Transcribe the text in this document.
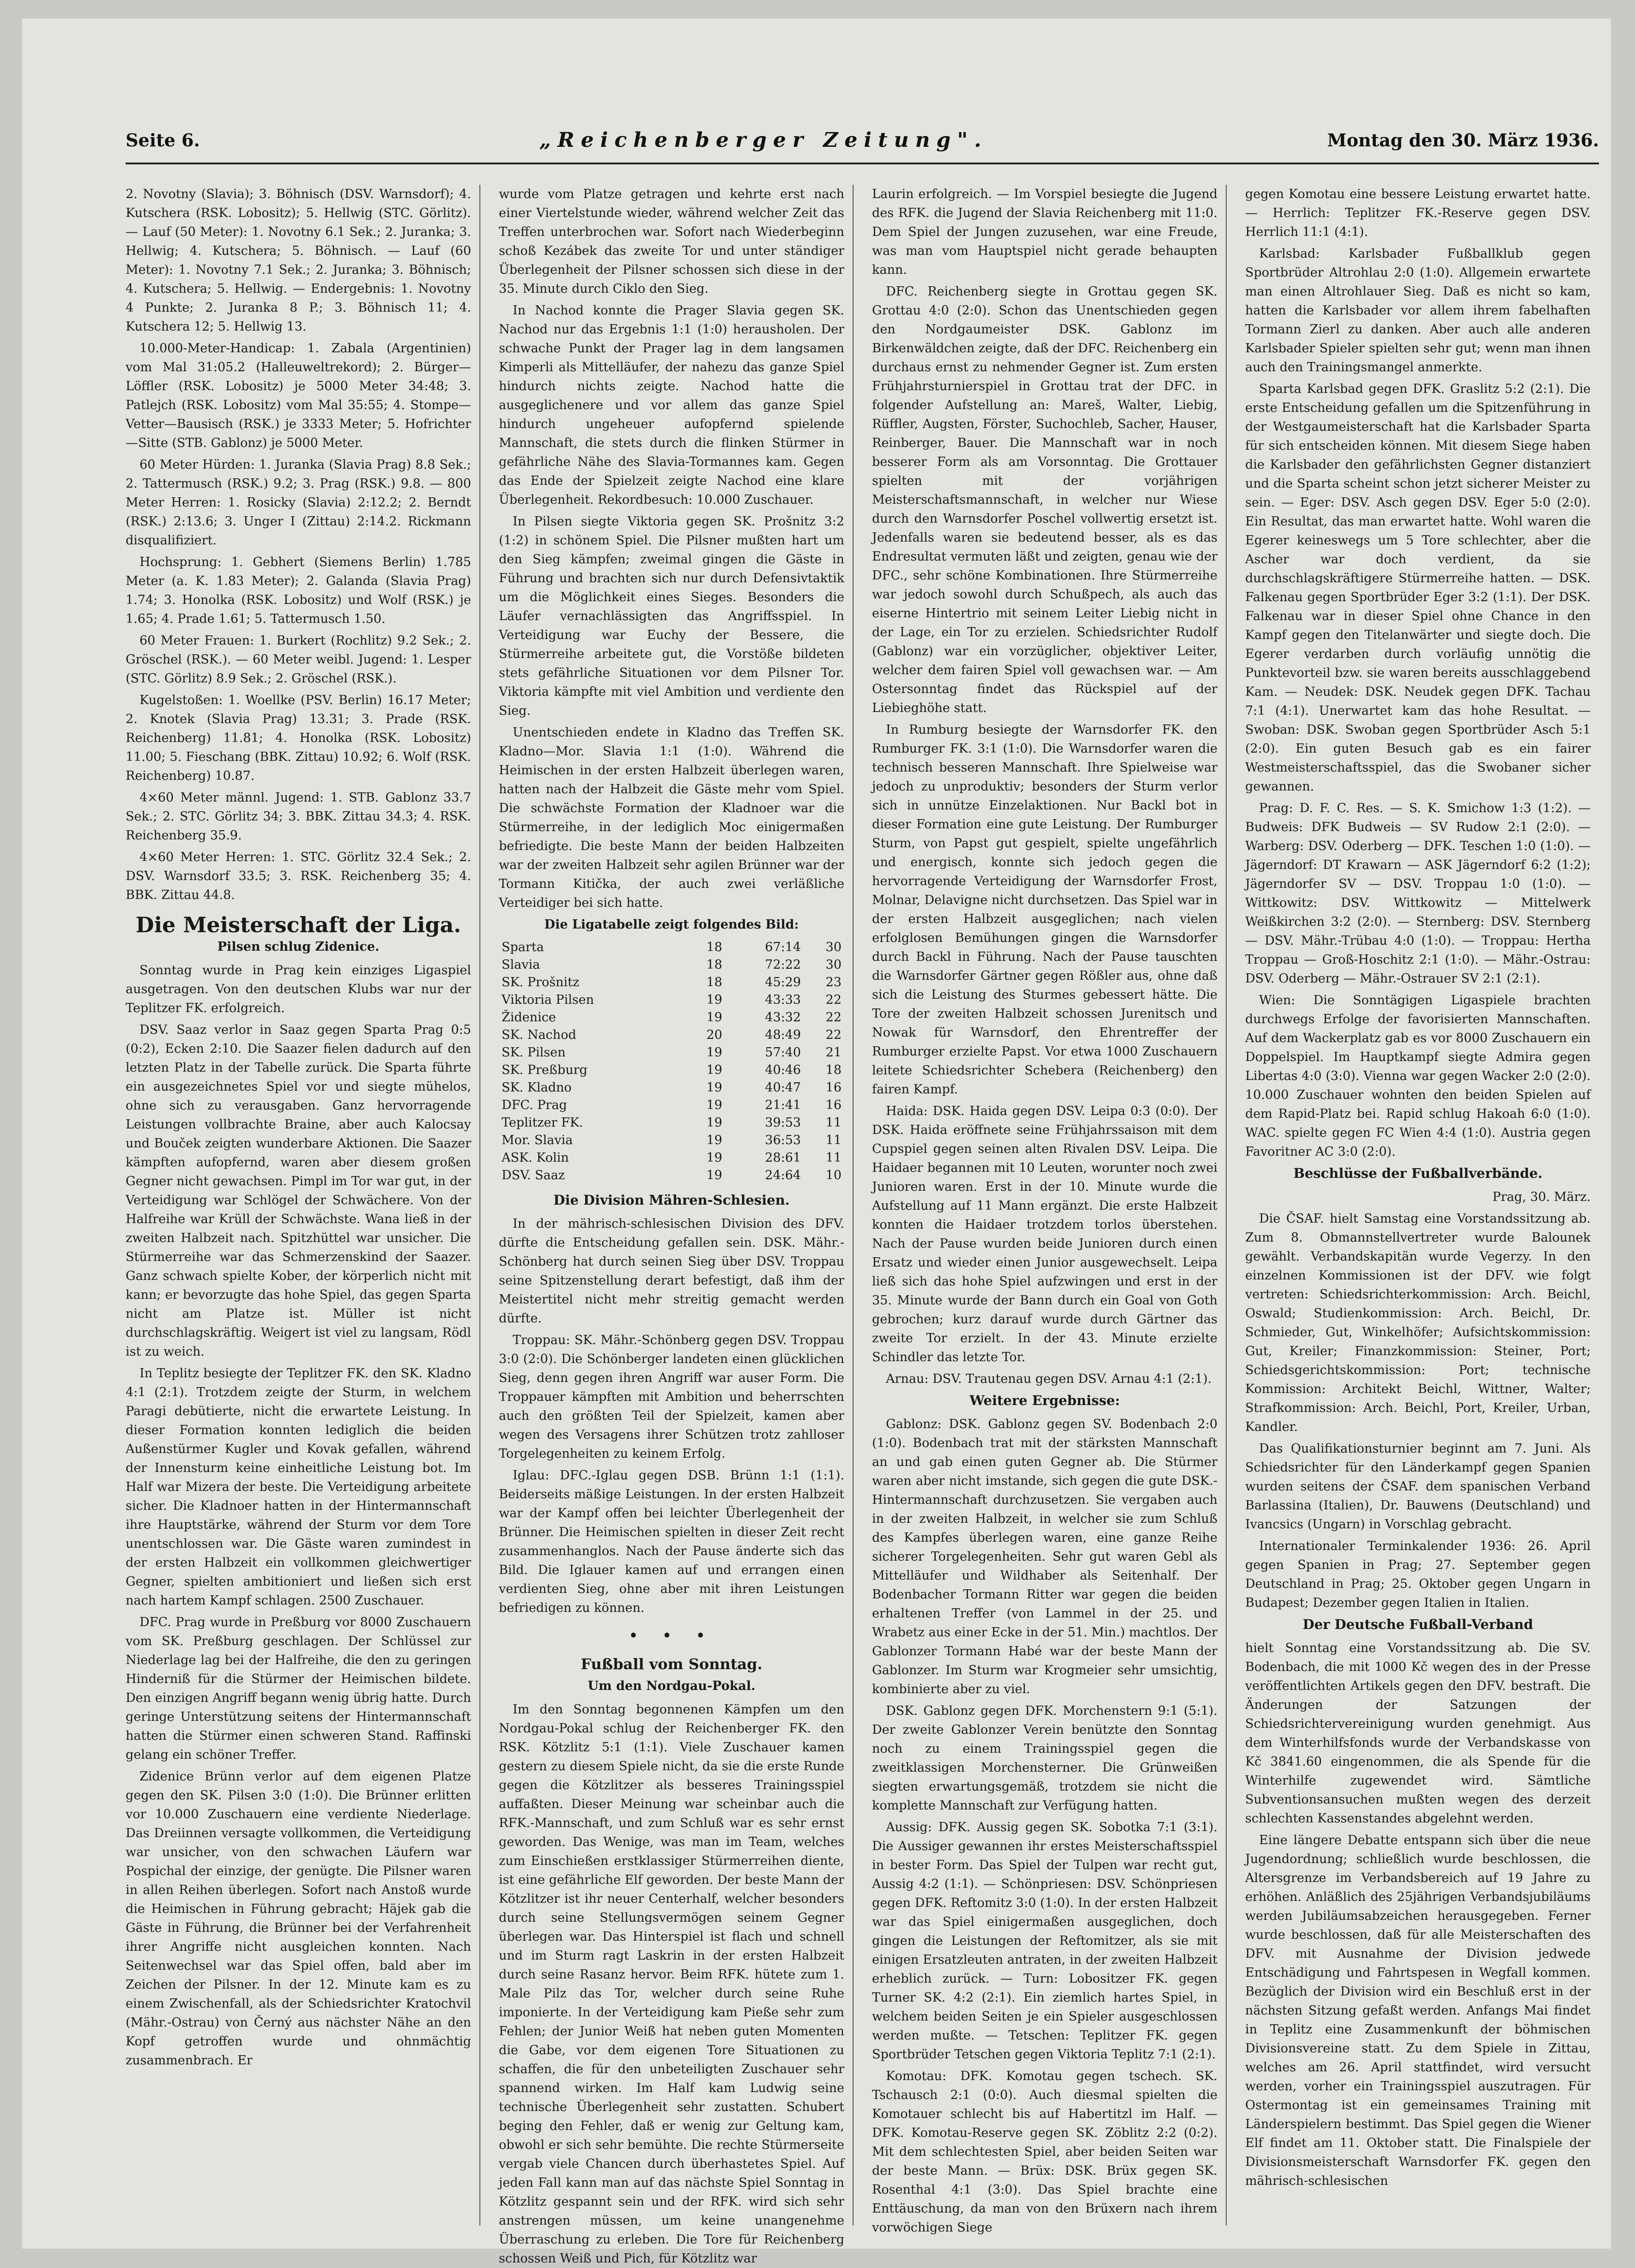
Seite 6.	„Reichenberger Zeitung".	Montag den 30. März 1936.

2. Novotny (Slavia); 3. Böhnisch (DSV. Warnsdorf); 4. Kutschera (RSK. Lobositz); 5. Hellwig (STC. Görlitz). — Lauf (50 Meter): 1. Novotny 6.1 Sek.; 2. Juranka; 3. Hellwig; 4. Kutschera; 5. Böhnisch. — Lauf (60 Meter): 1. Novotny 7.1 Sek.; 2. Juranka; 3. Böhnisch; 4. Kutschera; 5. Hellwig. — Endergebnis: 1. Novotny 4 Punkte; 2. Juranka 8 P.; 3. Böhnisch 11; 4. Kutschera 12; 5. Hellwig 13.

10.000-Meter-Handicap: 1. Zabala (Argentinien) vom Mal 31:05.2 (Halleuweltrekord); 2. Bürger—Löffler (RSK. Lobositz) je 5000 Meter 34:48; 3. Patlejch (RSK. Lobositz) vom Mal 35:55; 4. Stompe—Vetter—Bausisch (RSK.) je 3333 Meter; 5. Hofrichter—Sitte (STB. Gablonz) je 5000 Meter.

60 Meter Hürden: 1. Juranka (Slavia Prag) 8.8 Sek.; 2. Tattermusch (RSK.) 9.2; 3. Prag (RSK.) 9.8. — 800 Meter Herren: 1. Rosicky (Slavia) 2:12.2; 2. Berndt (RSK.) 2:13.6; 3. Unger I (Zittau) 2:14.2. Rickmann disqualifiziert.

Hochsprung: 1. Gebhert (Siemens Berlin) 1.785 Meter (a. K. 1.83 Meter); 2. Galanda (Slavia Prag) 1.74; 3. Honolka (RSK. Lobositz) und Wolf (RSK.) je 1.65; 4. Prade 1.61; 5. Tattermusch 1.50.

60 Meter Frauen: 1. Burkert (Rochlitz) 9.2 Sek.; 2. Gröschel (RSK.). — 60 Meter weibl. Jugend: 1. Lesper (STC. Görlitz) 8.9 Sek.; 2. Gröschel (RSK.).

Kugelstoßen: 1. Woellke (PSV. Berlin) 16.17 Meter; 2. Knotek (Slavia Prag) 13.31; 3. Prade (RSK. Reichenberg) 11.81; 4. Honolka (RSK. Lobositz) 11.00; 5. Fieschang (BBK. Zittau) 10.92; 6. Wolf (RSK. Reichenberg) 10.87.

4×60 Meter männl. Jugend: 1. STB. Gablonz 33.7 Sek.; 2. STC. Görlitz 34; 3. BBK. Zittau 34.3; 4. RSK. Reichenberg 35.9.

4×60 Meter Herren: 1. STC. Görlitz 32.4 Sek.; 2. DSV. Warnsdorf 33.5; 3. RSK. Reichenberg 35; 4. BBK. Zittau 44.8.

Die Meisterschaft der Liga.
Pilsen schlug Zidenice.

Sonntag wurde in Prag kein einziges Ligaspiel ausgetragen. Von den deutschen Klubs war nur der Teplitzer FK. erfolgreich.

DSV. Saaz verlor in Saaz gegen Sparta Prag 0:5 (0:2), Ecken 2:10. Die Saazer fielen dadurch auf den letzten Platz in der Tabelle zurück. Die Sparta führte ein ausgezeichnetes Spiel vor und siegte mühelos, ohne sich zu verausgaben. Ganz hervorragende Leistungen vollbrachte Braine, aber auch Kalocsay und Bouček zeigten wunderbare Aktionen. Die Saazer kämpften aufopfernd, waren aber diesem großen Gegner nicht gewachsen. Pimpl im Tor war gut, in der Verteidigung war Schlögel der Schwächere. Von der Halfreihe war Krüll der Schwächste. Wana ließ in der zweiten Halbzeit nach. Spitzhüttel war unsicher. Die Stürmerreihe war das Schmerzenskind der Saazer. Ganz schwach spielte Kober, der körperlich nicht mit kann; er bevorzugte das hohe Spiel, das gegen Sparta nicht am Platze ist. Müller ist nicht durchschlagskräftig. Weigert ist viel zu langsam, Rödl ist zu weich.

In Teplitz besiegte der Teplitzer FK. den SK. Kladno 4:1 (2:1). Trotzdem zeigte der Sturm, in welchem Paragi debütierte, nicht die erwartete Leistung. In dieser Formation konnten lediglich die beiden Außenstürmer Kugler und Kovak gefallen, während der Innensturm keine einheitliche Leistung bot. Im Half war Mizera der beste. Die Verteidigung arbeitete sicher. Die Kladnoer hatten in der Hintermannschaft ihre Hauptstärke, während der Sturm vor dem Tore unentschlossen war. Die Gäste waren zumindest in der ersten Halbzeit ein vollkommen gleichwertiger Gegner, spielten ambitioniert und ließen sich erst nach hartem Kampf schlagen. 2500 Zuschauer.

DFC. Prag wurde in Preßburg vor 8000 Zuschauern vom SK. Preßburg geschlagen. Der Schlüssel zur Niederlage lag bei der Halfreihe, die den zu geringen Hinderniß für die Stürmer der Heimischen bildete. Den einzigen Angriff begann wenig übrig hatte. Durch geringe Unterstützung seitens der Hintermannschaft hatten die Stürmer einen schweren Stand. Raffinski gelang ein schöner Treffer.

Zidenice Brünn verlor auf dem eigenen Platze gegen den SK. Pilsen 3:0 (1:0). Die Brünner erlitten vor 10.000 Zuschauern eine verdiente Niederlage. Das Dreiinnen versagte vollkommen, die Verteidigung war unsicher, von den schwachen Läufern war Pospichal der einzige, der genügte. Die Pilsner waren in allen Reihen überlegen. Sofort nach Anstoß wurde die Heimischen in Führung gebracht; Häjek gab die Gäste in Führung, die Brünner bei der Verfahrenheit ihrer Angriffe nicht ausgleichen konnten. Nach Seitenwechsel war das Spiel offen, bald aber im Zeichen der Pilsner. In der 12. Minute kam es zu einem Zwischenfall, als der Schiedsrichter Kratochvil (Mähr.-Ostrau) von Černý aus nächster Nähe an den Kopf getroffen wurde und ohnmächtig zusammenbrach. Er

wurde vom Platze getragen und kehrte erst nach einer Viertelstunde wieder, während welcher Zeit das Treffen unterbrochen war. Sofort nach Wiederbeginn schoß Kezábek das zweite Tor und unter ständiger Überlegenheit der Pilsner schossen sich diese in der 35. Minute durch Ciklo den Sieg.

In Nachod konnte die Prager Slavia gegen SK. Nachod nur das Ergebnis 1:1 (1:0) herausholen. Der schwache Punkt der Prager lag in dem langsamen Kimperli als Mittelläufer, der nahezu das ganze Spiel hindurch nichts zeigte. Nachod hatte die ausgeglichenere und vor allem das ganze Spiel hindurch ungeheuer aufopfernd spielende Mannschaft, die stets durch die flinken Stürmer in gefährliche Nähe des Slavia-Tormannes kam. Gegen das Ende der Spielzeit zeigte Nachod eine klare Überlegenheit. Rekordbesuch: 10.000 Zuschauer.

In Pilsen siegte Viktoria gegen SK. Prošnitz 3:2 (1:2) in schönem Spiel. Die Pilsner mußten hart um den Sieg kämpfen; zweimal gingen die Gäste in Führung und brachten sich nur durch Defensivtaktik um die Möglichkeit eines Sieges. Besonders die Läufer vernachlässigten das Angriffsspiel. In Verteidigung war Euchy der Bessere, die Stürmerreihe arbeitete gut, die Vorstöße bildeten stets gefährliche Situationen vor dem Pilsner Tor. Viktoria kämpfte mit viel Ambition und verdiente den Sieg.

Unentschieden endete in Kladno das Treffen SK. Kladno—Mor. Slavia 1:1 (1:0). Während die Heimischen in der ersten Halbzeit überlegen waren, hatten nach der Halbzeit die Gäste mehr vom Spiel. Die schwächste Formation der Kladnoer war die Stürmerreihe, in der lediglich Moc einigermaßen befriedigte. Die beste Mann der beiden Halbzeiten war der zweiten Halbzeit sehr agilen Brünner war der Tormann Kitička, der auch zwei verläßliche Verteidiger bei sich hatte.

Die Ligatabelle zeigt folgendes Bild:
Sparta	18	67:14	30
Slavia	18	72:22	30
SK. Prošnitz	18	45:29	23
Viktoria Pilsen	19	43:33	22
Židenice	19	43:32	22
SK. Nachod	20	48:49	22
SK. Pilsen	19	57:40	21
SK. Preßburg	19	40:46	18
SK. Kladno	19	40:47	16
DFC. Prag	19	21:41	16
Teplitzer FK.	19	39:53	11
Mor. Slavia	19	36:53	11
ASK. Kolin	19	28:61	11
DSV. Saaz	19	24:64	10
Die Division Mähren-Schlesien.

In der mährisch-schlesischen Division des DFV. dürfte die Entscheidung gefallen sein. DSK. Mähr.-Schönberg hat durch seinen Sieg über DSV. Troppau seine Spitzenstellung derart befestigt, daß ihm der Meistertitel nicht mehr streitig gemacht werden dürfte.

Troppau: SK. Mähr.-Schönberg gegen DSV. Troppau 3:0 (2:0). Die Schönberger landeten einen glücklichen Sieg, denn gegen ihren Angriff war auser Form. Die Troppauer kämpften mit Ambition und beherrschten auch den größten Teil der Spielzeit, kamen aber wegen des Versagens ihrer Schützen trotz zahlloser Torgelegenheiten zu keinem Erfolg.

Iglau: DFC.-Iglau gegen DSB. Brünn 1:1 (1:1). Beiderseits mäßige Leistungen. In der ersten Halbzeit war der Kampf offen bei leichter Überlegenheit der Brünner. Die Heimischen spielten in dieser Zeit recht zusammenhanglos. Nach der Pause änderte sich das Bild. Die Iglauer kamen auf und errangen einen verdienten Sieg, ohne aber mit ihren Leistungen befriedigen zu können.

• • •
Fußball vom Sonntag.
Um den Nordgau-Pokal.

Im den Sonntag begonnenen Kämpfen um den Nordgau-Pokal schlug der Reichenberger FK. den RSK. Kötzlitz 5:1 (1:1). Viele Zuschauer kamen gestern zu diesem Spiele nicht, da sie die erste Runde gegen die Kötzlitzer als besseres Trainingsspiel auffaßten. Dieser Meinung war scheinbar auch die RFK.-Mannschaft, und zum Schluß war es sehr ernst geworden. Das Wenige, was man im Team, welches zum Einschießen erstklassiger Stürmerreihen diente, ist eine gefährliche Elf geworden. Der beste Mann der Kötzlitzer ist ihr neuer Centerhalf, welcher besonders durch seine Stellungsvermögen seinem Gegner überlegen war. Das Hinterspiel ist flach und schnell und im Sturm ragt Laskrin in der ersten Halbzeit durch seine Rasanz hervor. Beim RFK. hütete zum 1. Male Pilz das Tor, welcher durch seine Ruhe imponierte. In der Verteidigung kam Pieße sehr zum Fehlen; der Junior Weiß hat neben guten Momenten die Gabe, vor dem eigenen Tore Situationen zu schaffen, die für den unbeteiligten Zuschauer sehr spannend wirken. Im Half kam Ludwig seine technische Überlegenheit sehr zustatten. Schubert beging den Fehler, daß er wenig zur Geltung kam, obwohl er sich sehr bemühte. Die rechte Stürmerseite vergab viele Chancen durch überhastetes Spiel. Auf jeden Fall kann man auf das nächste Spiel Sonntag in Kötzlitz gespannt sein und der RFK. wird sich sehr anstrengen müssen, um keine unangenehme Überraschung zu erleben. Die Tore für Reichenberg schossen Weiß und Pich, für Kötzlitz war

Laurin erfolgreich. — Im Vorspiel besiegte die Jugend des RFK. die Jugend der Slavia Reichenberg mit 11:0. Dem Spiel der Jungen zuzusehen, war eine Freude, was man vom Hauptspiel nicht gerade behaupten kann.

DFC. Reichenberg siegte in Grottau gegen SK. Grottau 4:0 (2:0). Schon das Unentschieden gegen den Nordgaumeister DSK. Gablonz im Birkenwäldchen zeigte, daß der DFC. Reichenberg ein durchaus ernst zu nehmender Gegner ist. Zum ersten Frühjahrsturnierspiel in Grottau trat der DFC. in folgender Aufstellung an: Mareš, Walter, Liebig, Rüffler, Augsten, Förster, Suchochleb, Sacher, Hauser, Reinberger, Bauer. Die Mannschaft war in noch besserer Form als am Vorsonntag. Die Grottauer spielten mit der vorjährigen Meisterschaftsmannschaft, in welcher nur Wiese durch den Warnsdorfer Poschel vollwertig ersetzt ist. Jedenfalls waren sie bedeutend besser, als es das Endresultat vermuten läßt und zeigten, genau wie der DFC., sehr schöne Kombinationen. Ihre Stürmerreihe war jedoch sowohl durch Schußpech, als auch das eiserne Hintertrio mit seinem Leiter Liebig nicht in der Lage, ein Tor zu erzielen. Schiedsrichter Rudolf (Gablonz) war ein vorzüglicher, objektiver Leiter, welcher dem fairen Spiel voll gewachsen war. — Am Ostersonntag findet das Rückspiel auf der Liebieghöhe statt.

In Rumburg besiegte der Warnsdorfer FK. den Rumburger FK. 3:1 (1:0). Die Warnsdorfer waren die technisch besseren Mannschaft. Ihre Spielweise war jedoch zu unproduktiv; besonders der Sturm verlor sich in unnütze Einzelaktionen. Nur Backl bot in dieser Formation eine gute Leistung. Der Rumburger Sturm, von Papst gut gespielt, spielte ungefährlich und energisch, konnte sich jedoch gegen die hervorragende Verteidigung der Warnsdorfer Frost, Molnar, Delavigne nicht durchsetzen. Das Spiel war in der ersten Halbzeit ausgeglichen; nach vielen erfolglosen Bemühungen gingen die Warnsdorfer durch Backl in Führung. Nach der Pause tauschten die Warnsdorfer Gärtner gegen Rößler aus, ohne daß sich die Leistung des Sturmes gebessert hätte. Die Tore der zweiten Halbzeit schossen Jurenitsch und Nowak für Warnsdorf, den Ehrentreffer der Rumburger erzielte Papst. Vor etwa 1000 Zuschauern leitete Schiedsrichter Schebera (Reichenberg) den fairen Kampf.

Haida: DSK. Haida gegen DSV. Leipa 0:3 (0:0). Der DSK. Haida eröffnete seine Frühjahrssaison mit dem Cupspiel gegen seinen alten Rivalen DSV. Leipa. Die Haidaer begannen mit 10 Leuten, worunter noch zwei Junioren waren. Erst in der 10. Minute wurde die Aufstellung auf 11 Mann ergänzt. Die erste Halbzeit konnten die Haidaer trotzdem torlos überstehen. Nach der Pause wurden beide Junioren durch einen Ersatz und wieder einen Junior ausgewechselt. Leipa ließ sich das hohe Spiel aufzwingen und erst in der 35. Minute wurde der Bann durch ein Goal von Goth gebrochen; kurz darauf wurde durch Gärtner das zweite Tor erzielt. In der 43. Minute erzielte Schindler das letzte Tor.

Arnau: DSV. Trautenau gegen DSV. Arnau 4:1 (2:1).

Weitere Ergebnisse:

Gablonz: DSK. Gablonz gegen SV. Bodenbach 2:0 (1:0). Bodenbach trat mit der stärksten Mannschaft an und gab einen guten Gegner ab. Die Stürmer waren aber nicht imstande, sich gegen die gute DSK.-Hintermannschaft durchzusetzen. Sie vergaben auch in der zweiten Halbzeit, in welcher sie zum Schluß des Kampfes überlegen waren, eine ganze Reihe sicherer Torgelegenheiten. Sehr gut waren Gebl als Mittelläufer und Wildhaber als Seitenhalf. Der Bodenbacher Tormann Ritter war gegen die beiden erhaltenen Treffer (von Lammel in der 25. und Wrabetz aus einer Ecke in der 51. Min.) machtlos. Der Gablonzer Tormann Habé war der beste Mann der Gablonzer. Im Sturm war Krogmeier sehr umsichtig, kombinierte aber zu viel.

DSK. Gablonz gegen DFK. Morchenstern 9:1 (5:1). Der zweite Gablonzer Verein benützte den Sonntag noch zu einem Trainingsspiel gegen die zweitklassigen Morchensterner. Die Grünweißen siegten erwartungsgemäß, trotzdem sie nicht die komplette Mannschaft zur Verfügung hatten.

Aussig: DFK. Aussig gegen SK. Sobotka 7:1 (3:1). Die Aussiger gewannen ihr erstes Meisterschaftsspiel in bester Form. Das Spiel der Tulpen war recht gut, Aussig 4:2 (1:1). — Schönpriesen: DSV. Schönpriesen gegen DFK. Reftomitz 3:0 (1:0). In der ersten Halbzeit war das Spiel einigermaßen ausgeglichen, doch gingen die Leistungen der Reftomitzer, als sie mit einigen Ersatzleuten antraten, in der zweiten Halbzeit erheblich zurück. — Turn: Lobositzer FK. gegen Turner SK. 4:2 (2:1). Ein ziemlich hartes Spiel, in welchem beiden Seiten je ein Spieler ausgeschlossen werden mußte. — Tetschen: Teplitzer FK. gegen Sportbrüder Tetschen gegen Viktoria Teplitz 7:1 (2:1).

Komotau: DFK. Komotau gegen tschech. SK. Tschausch 2:1 (0:0). Auch diesmal spielten die Komotauer schlecht bis auf Habertitzl im Half. — DFK. Komotau-Reserve gegen SK. Zöblitz 2:2 (0:2). Mit dem schlechtesten Spiel, aber beiden Seiten war der beste Mann. — Brüx: DSK. Brüx gegen SK. Rosenthal 4:1 (3:0). Das Spiel brachte eine Enttäuschung, da man von den Brüxern nach ihrem vorwöchigen Siege

gegen Komotau eine bessere Leistung erwartet hatte. — Herrlich: Teplitzer FK.-Reserve gegen DSV. Herrlich 11:1 (4:1).

Karlsbad: Karlsbader Fußballklub gegen Sportbrüder Altrohlau 2:0 (1:0). Allgemein erwartete man einen Altrohlauer Sieg. Daß es nicht so kam, hatten die Karlsbader vor allem ihrem fabelhaften Tormann Zierl zu danken. Aber auch alle anderen Karlsbader Spieler spielten sehr gut; wenn man ihnen auch den Trainingsmangel anmerkte.

Sparta Karlsbad gegen DFK. Graslitz 5:2 (2:1). Die erste Entscheidung gefallen um die Spitzenführung in der Westgaumeisterschaft hat die Karlsbader Sparta für sich entscheiden können. Mit diesem Siege haben die Karlsbader den gefährlichsten Gegner distanziert und die Sparta scheint schon jetzt sicherer Meister zu sein. — Eger: DSV. Asch gegen DSV. Eger 5:0 (2:0). Ein Resultat, das man erwartet hatte. Wohl waren die Egerer keineswegs um 5 Tore schlechter, aber die Ascher war doch verdient, da sie durchschlagskräftigere Stürmerreihe hatten. — DSK. Falkenau gegen Sportbrüder Eger 3:2 (1:1). Der DSK. Falkenau war in dieser Spiel ohne Chance in den Kampf gegen den Titelanwärter und siegte doch. Die Egerer verdarben durch vorläufig unnötig die Punktevorteil bzw. sie waren bereits ausschlaggebend Kam. — Neudek: DSK. Neudek gegen DFK. Tachau 7:1 (4:1). Unerwartet kam das hohe Resultat. — Swoban: DSK. Swoban gegen Sportbrüder Asch 5:1 (2:0). Ein guten Besuch gab es ein fairer Westmeisterschaftsspiel, das die Swobaner sicher gewannen.

Prag: D. F. C. Res. — S. K. Smichow 1:3 (1:2). — Budweis: DFK Budweis — SV Rudow 2:1 (2:0). — Warberg: DSV. Oderberg — DFK. Teschen 1:0 (1:0). — Jägerndorf: DT Krawarn — ASK Jägerndorf 6:2 (1:2); Jägerndorfer SV — DSV. Troppau 1:0 (1:0). — Wittkowitz: DSV. Wittkowitz — Mittelwerk Weißkirchen 3:2 (2:0). — Sternberg: DSV. Sternberg — DSV. Mähr.-Trübau 4:0 (1:0). — Troppau: Hertha Troppau — Groß-Hoschitz 2:1 (1:0). — Mähr.-Ostrau: DSV. Oderberg — Mähr.-Ostrauer SV 2:1 (2:1).

Wien: Die Sonntägigen Ligaspiele brachten durchwegs Erfolge der favorisierten Mannschaften. Auf dem Wackerplatz gab es vor 8000 Zuschauern ein Doppelspiel. Im Hauptkampf siegte Admira gegen Libertas 4:0 (3:0). Vienna war gegen Wacker 2:0 (2:0). 10.000 Zuschauer wohnten den beiden Spielen auf dem Rapid-Platz bei. Rapid schlug Hakoah 6:0 (1:0). WAC. spielte gegen FC Wien 4:4 (1:0). Austria gegen Favoritner AC 3:0 (2:0).

Beschlüsse der Fußballverbände.

Prag, 30. März.

Die ČSAF. hielt Samstag eine Vorstandssitzung ab. Zum 8. Obmannstellvertreter wurde Balounek gewählt. Verbandskapitän wurde Vegerzy. In den einzelnen Kommissionen ist der DFV. wie folgt vertreten: Schiedsrichterkommission: Arch. Beichl, Oswald; Studienkommission: Arch. Beichl, Dr. Schmieder, Gut, Winkelhöfer; Aufsichtskommission: Gut, Kreiler; Finanzkommission: Steiner, Port; Schiedsgerichtskommission: Port; technische Kommission: Architekt Beichl, Wittner, Walter; Strafkommission: Arch. Beichl, Port, Kreiler, Urban, Kandler.

Das Qualifikationsturnier beginnt am 7. Juni. Als Schiedsrichter für den Länderkampf gegen Spanien wurden seitens der ČSAF. dem spanischen Verband Barlassina (Italien), Dr. Bauwens (Deutschland) und Ivancsics (Ungarn) in Vorschlag gebracht.

Internationaler Terminkalender 1936: 26. April gegen Spanien in Prag; 27. September gegen Deutschland in Prag; 25. Oktober gegen Ungarn in Budapest; Dezember gegen Italien in Italien.

Der Deutsche Fußball-Verband

hielt Sonntag eine Vorstandssitzung ab. Die SV. Bodenbach, die mit 1000 Kč wegen des in der Presse veröffentlichten Artikels gegen den DFV. bestraft. Die Änderungen der Satzungen der Schiedsrichtervereinigung wurden genehmigt. Aus dem Winterhilfsfonds wurde der Verbandskasse von Kč 3841.60 eingenommen, die als Spende für die Winterhilfe zugewendet wird. Sämtliche Subventionsansuchen mußten wegen des derzeit schlechten Kassenstandes abgelehnt werden.

Eine längere Debatte entspann sich über die neue Jugendordnung; schließlich wurde beschlossen, die Altersgrenze im Verbandsbereich auf 19 Jahre zu erhöhen. Anläßlich des 25jährigen Verbandsjubiläums werden Jubiläumsabzeichen herausgegeben. Ferner wurde beschlossen, daß für alle Meisterschaften des DFV. mit Ausnahme der Division jedwede Entschädigung und Fahrtspesen in Wegfall kommen. Bezüglich der Division wird ein Beschluß erst in der nächsten Sitzung gefaßt werden. Anfangs Mai findet in Teplitz eine Zusammenkunft der böhmischen Divisionsvereine statt. Zu dem Spiele in Zittau, welches am 26. April stattfindet, wird versucht werden, vorher ein Trainingsspiel auszutragen. Für Ostermontag ist ein gemeinsames Training mit Länderspielern bestimmt. Das Spiel gegen die Wiener Elf findet am 11. Oktober statt. Die Finalspiele der Divisionsmeisterschaft Warnsdorfer FK. gegen den mährisch-schlesischen
